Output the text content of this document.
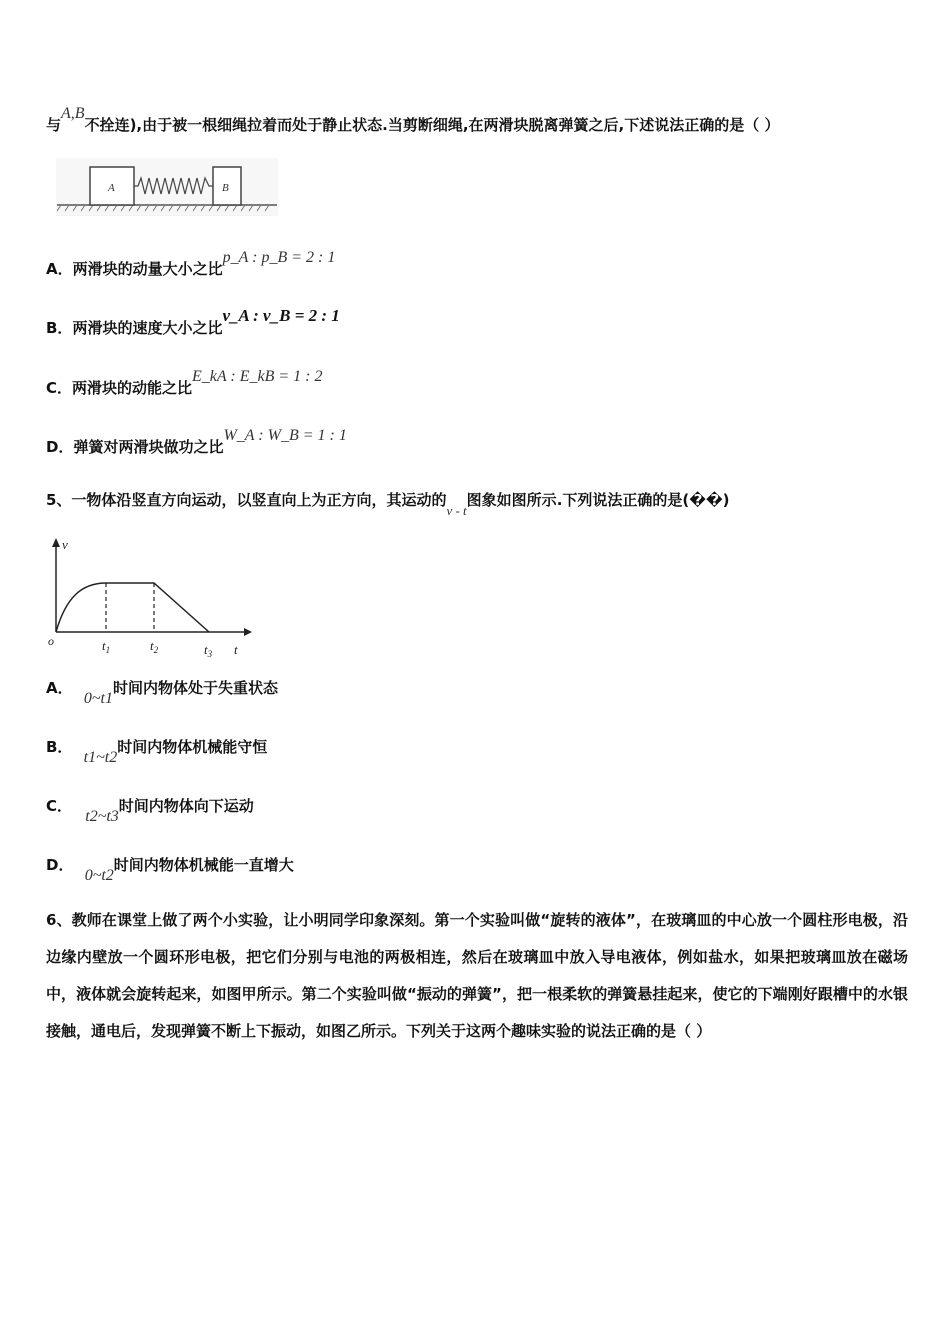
与A,B不拴连),由于被一根细绳拉着而处于静止状态.当剪断细绳,在两滑块脱离弹簧之后,下述说法正确的是（ ）
A	B
A．两滑块的动量大小之比p_A : p_B = 2 : 1
B．两滑块的速度大小之比v_A : v_B = 2 : 1
C．两滑块的动能之比E_kA : E_kB = 1 : 2
D．弹簧对两滑块做功之比W_A : W_B = 1 : 1
5、一物体沿竖直方向运动，以竖直向上为正方向，其运动的v - t图象如图所示.下列说法正确的是(��)
v
t
o	$t_1$	$t_2$	$t_3$
A． 0~t1时间内物体处于失重状态
B． t1~t2时间内物体机械能守恒
C． t2~t3时间内物体向下运动
D． 0~t2时间内物体机械能一直增大
6、教师在课堂上做了两个小实验，让小明同学印象深刻。第一个实验叫做“旋转的液体”，在玻璃皿的中心放一个圆柱形电极，沿边缘内壁放一个圆环形电极，把它们分别与电池的两极相连，然后在玻璃皿中放入导电液体，例如盐水，如果把玻璃皿放在磁场中，液体就会旋转起来，如图甲所示。第二个实验叫做“振动的弹簧”，把一根柔软的弹簧悬挂起来，使它的下端刚好跟槽中的水银接触，通电后，发现弹簧不断上下振动，如图乙所示。下列关于这两个趣味实验的说法正确的是（ ）
